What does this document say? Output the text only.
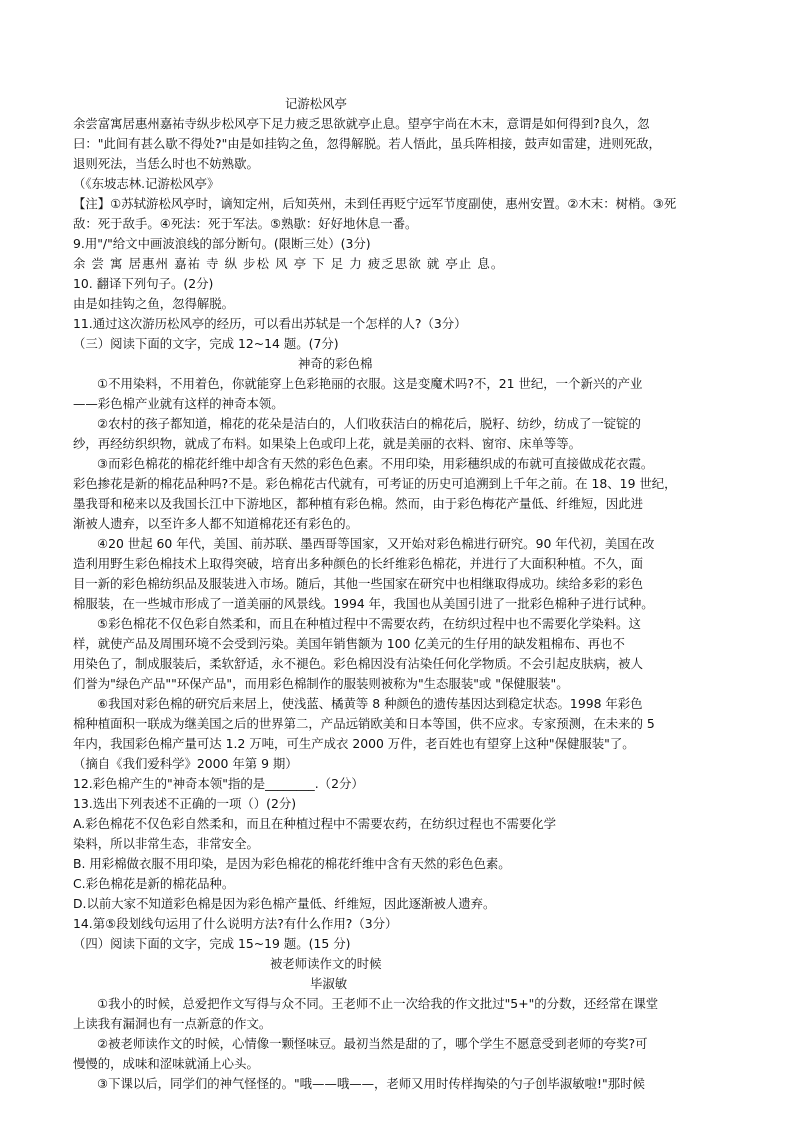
记游松风亭
余尝富寓居惠州嘉祐寺纵步松风亭下足力疲乏思欲就亭止息。望亭宇尚在木末，意谓是如何得到?良久，忽
曰："此间有甚么歇不得处?"由是如挂钩之鱼，忽得解脱。若人悟此，虽兵阵相接，鼓声如雷建，进则死敌，
退则死法，当恁么时也不妨熟歇。
（《东坡志林.记游松风亭》
【注】①苏轼游松风亭时，谪知定州，后知英州，未到任再贬宁远军节度副使，惠州安置。②木末：树梢。③死
敌：死于敌手。④死法：死于军法。⑤熟歇：好好地休息一番。
9.用"/"给文中画波浪线的部分断句。(限断三处）(3分)
余 尝 寓 居惠州 嘉祐 寺 纵 步松 风 亭 下 足 力 疲乏思欲 就 亭止 息。
10. 翻译下列句子。(2分)
由是如挂钩之鱼，忽得解脱。
11.通过这次游历松风亭的经历，可以看出苏轼是一个怎样的人?（3分）
（三）阅读下面的文字，完成 12~14 题。(7分)
神奇的彩色棉
①不用染料，不用着色，你就能穿上色彩艳丽的衣服。这是变魔术吗?不，21 世纪，一个新兴的产业
——彩色棉产业就有这样的神奇本领。
②农村的孩子都知道，棉花的花朵是洁白的，人们收获洁白的棉花后，脱籽、纺纱，纺成了一锭锭的
纱，再经纺织织物，就成了布料。如果染上色或印上花，就是美丽的衣料、窗帘、床单等等。
③而彩色棉花的棉花纤维中却含有天然的彩色色素。不用印染，用彩穗织成的布就可直接做成花衣霞。
彩色掺花是新的棉花品种吗?不是。彩色棉花古代就有，可考证的历史可追溯到上千年之前。在 18、19 世纪，
墨我哥和秘来以及我国长江中下游地区，都种植有彩色棉。然而，由于彩色梅花产量低、纤维短，因此进
渐被人遗弃，以至许多人都不知道棉花还有彩色的。
④20 世起 60 年代，美国、前苏联、墨西哥等国家，又开始对彩色棉进行研究。90 年代初，美国在改
造利用野生彩色棉技术上取得突破，培育出多种颜色的长纤维彩色棉花，并进行了大面积种植。不久，面
目一新的彩色棉纺织品及服装进入市场。随后，其他一些国家在研究中也相继取得成功。续给多彩的彩色
棉服装，在一些城市形成了一道美丽的风景线。1994 年，我国也从美国引进了一批彩色棉种子进行试种。
⑤彩色棉花不仅色彩自然柔和，而且在种植过程中不需要农药，在纺织过程中也不需要化学染料。这
样，就使产品及周围环境不会受到污染。美国年销售额为 100 亿美元的生仔用的缺发粗棉布、再也不
用染色了，制成服装后，柔软舒适，永不褪色。彩色棉因没有沾染任何化学物质。不会引起皮肤病，被人
们誉为"绿色产品""环保产品"，而用彩色棉制作的服装则被称为"生态服装"或 "保健服装"。
⑥我国对彩色棉的研究后来居上，使浅蓝、橘黄等 8 种颜色的遗传基因达到稳定状态。1998 年彩色
棉种植面积一联成为继美国之后的世界第二，产品远销欧美和日本等国，供不应求。专家预测，在未来的 5
年内，我国彩色棉产量可达 1.2 万吨，可生产成衣 2000 万件，老百姓也有望穿上这种"保健服装"了。
（摘自《我们爱科学》2000 年第 9 期）
12.彩色棉产生的"神奇本领"指的是________.（2分）
13.选出下列表述不正确的一项（）(2分)
A.彩色棉花不仅色彩自然柔和，而且在种植过程中不需要农药，在纺织过程也不需要化学
染料，所以非常生态，非常安全。
B. 用彩棉做衣服不用印染，是因为彩色棉花的棉花纤维中含有天然的彩色色素。
C.彩色棉花是新的棉花品种。
D.以前大家不知道彩色棉是因为彩色棉产量低、纤维短，因此逐渐被人遗弃。
14.第⑤段划线句运用了什么说明方法?有什么作用?（3分）
（四）阅读下面的文字，完成 15~19 题。(15 分)
被老师读作文的时候
毕淑敏
①我小的时候，总爱把作文写得与众不同。王老师不止一次给我的作文批过"5+"的分数，还经常在课堂
上读我有漏洞也有一点新意的作文。
②被老师读作文的时候，心情像一颗怪味豆。最初当然是甜的了，哪个学生不愿意受到老师的夸奖?可
慢慢的，成味和涩味就涌上心头。
③下课以后，同学们的神气怪怪的。"哦——哦——，老师又用时传样掏染的勺子创毕淑敏啦!"那时候
